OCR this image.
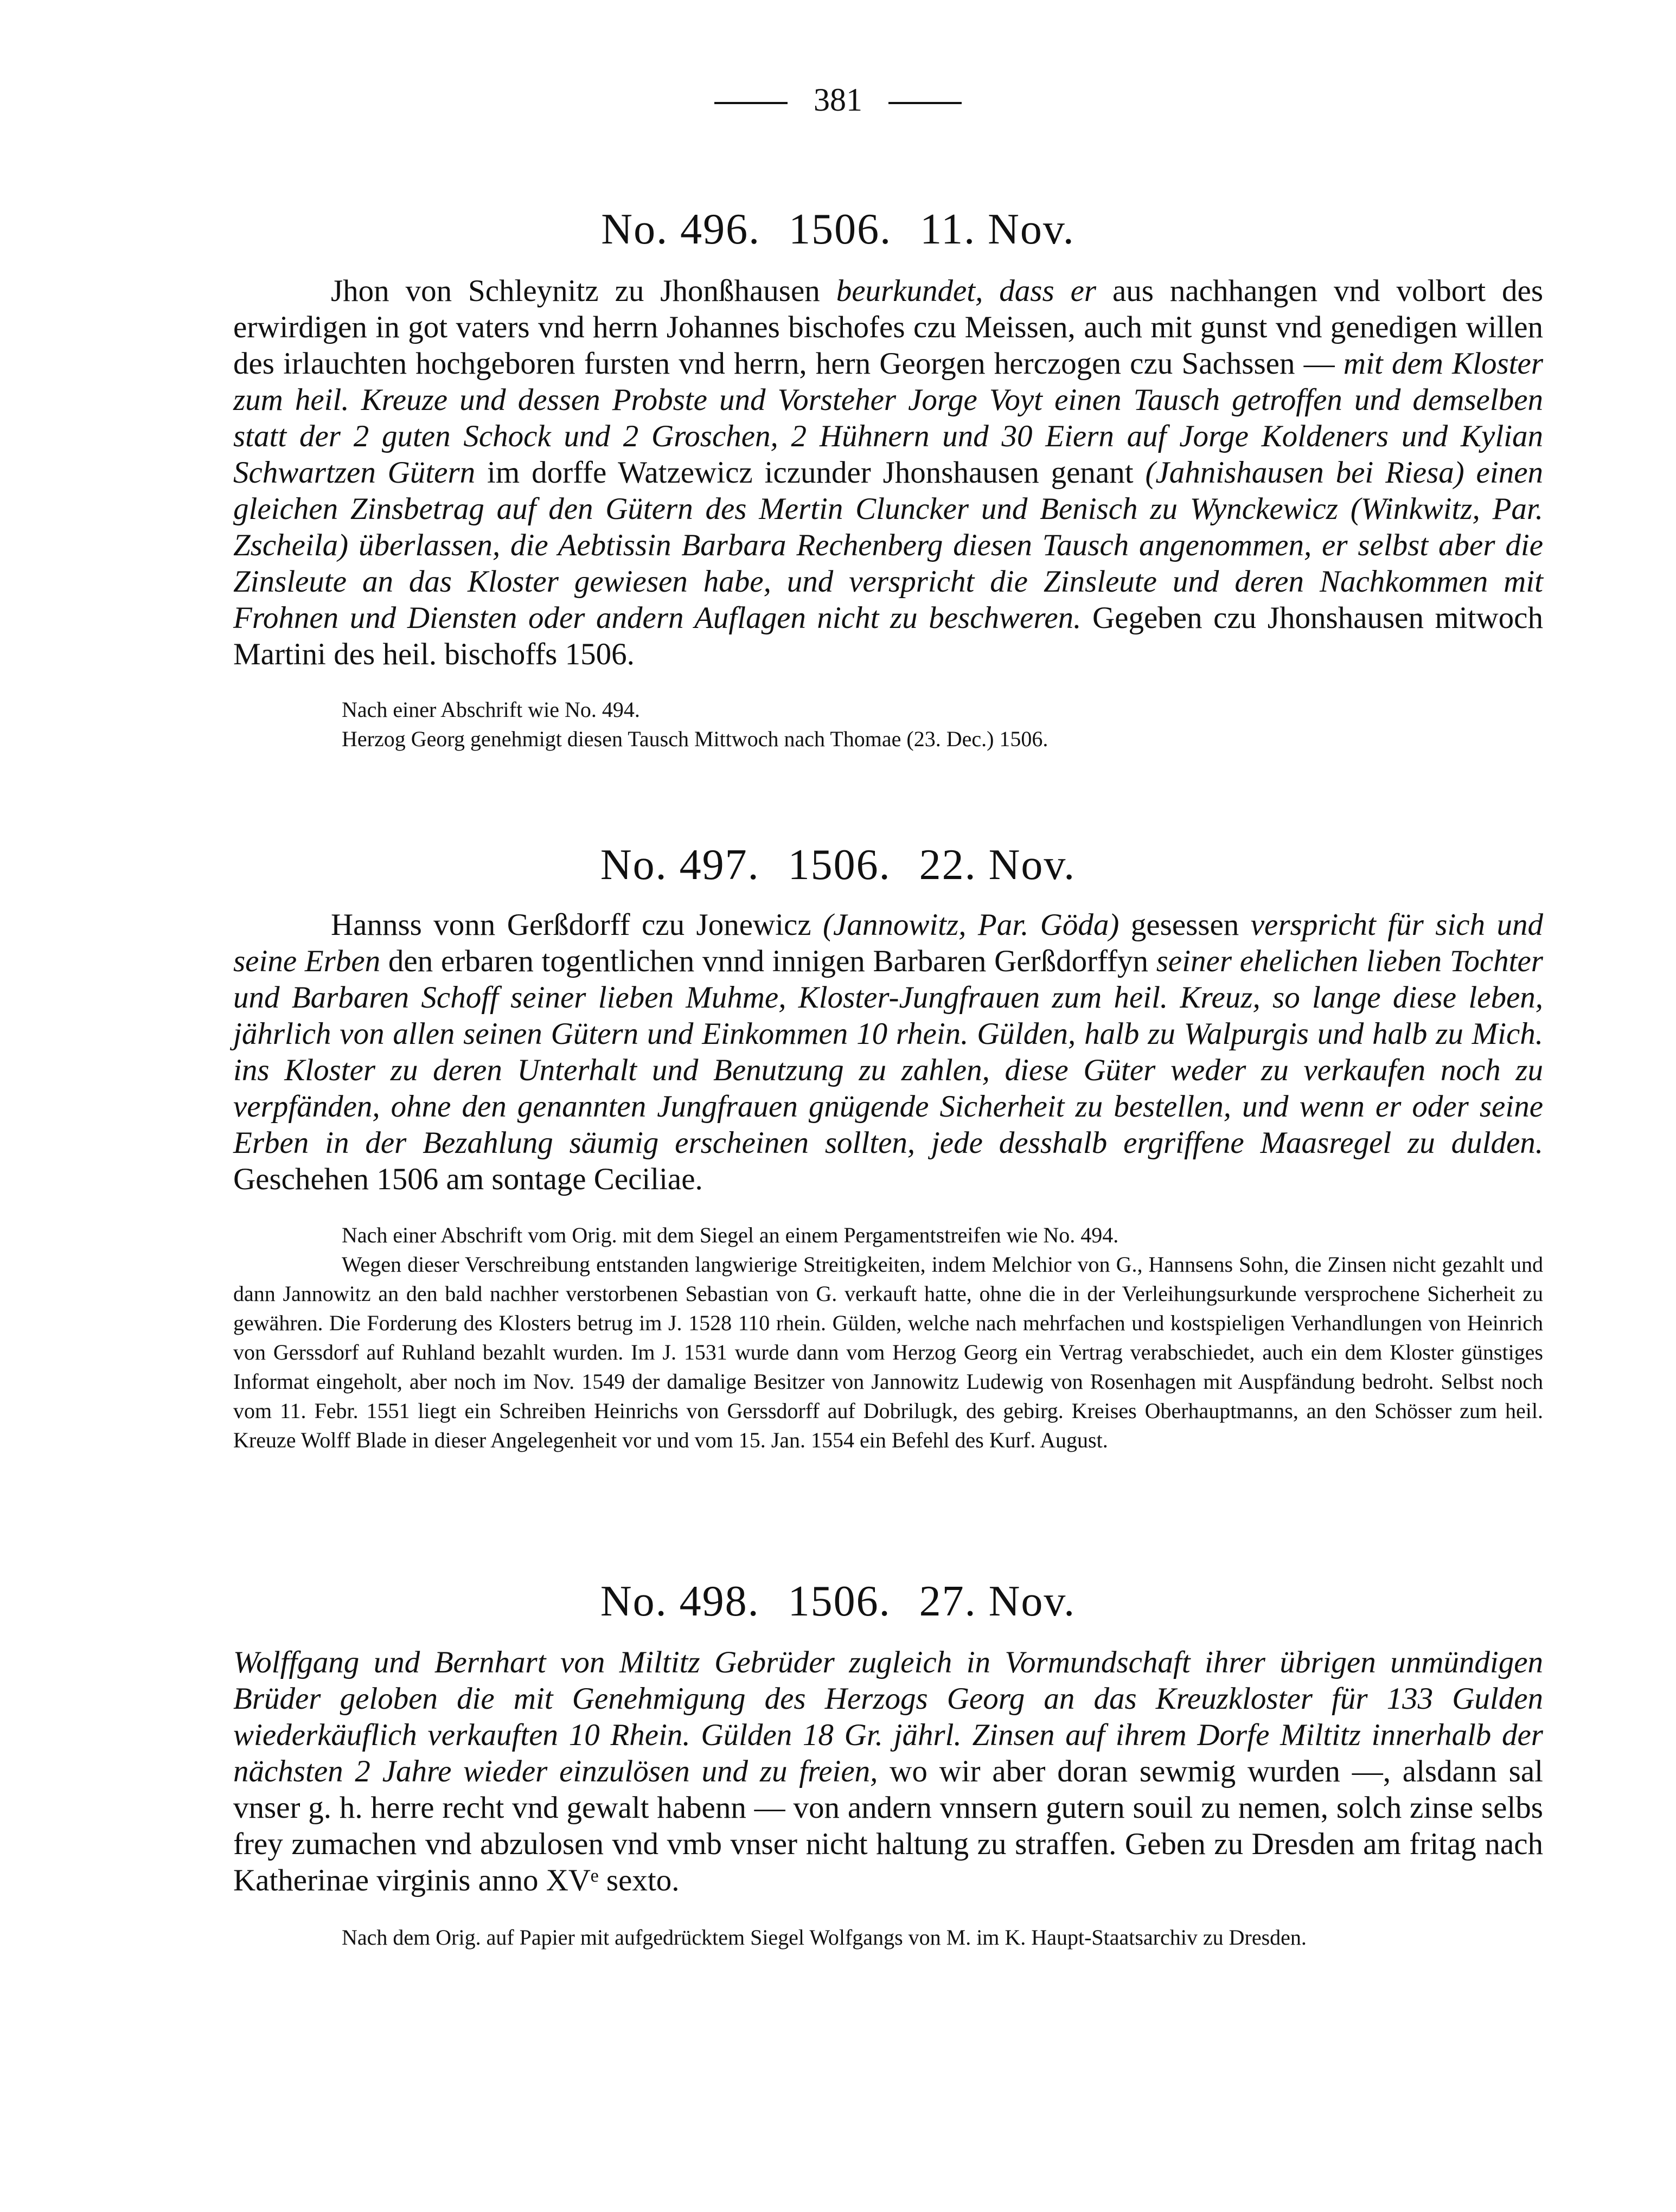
381
No. 496. 1506. 11. Nov.

Jhon von Schleynitz zu Jhonßhausen beurkundet, dass er aus nachhangen vnd volbort des erwirdigen in got vaters vnd herrn Johannes bischofes czu Meissen, auch mit gunst vnd genedigen willen des irlauchten hochgeboren fursten vnd herrn, hern Georgen herczogen czu Sachssen — mit dem Kloster zum heil. Kreuze und dessen Probste und Vorsteher Jorge Voyt einen Tausch getroffen und demselben statt der 2 guten Schock und 2 Groschen, 2 Hühnern und 30 Eiern auf Jorge Koldeners und Kylian Schwartzen Gütern im dorffe Watzewicz iczunder Jhonshausen genant (Jahnishausen bei Riesa) einen gleichen Zinsbetrag auf den Gütern des Mertin Cluncker und Benisch zu Wynckewicz (Winkwitz, Par. Zscheila) überlassen, die Aebtissin Barbara Rechenberg diesen Tausch angenommen, er selbst aber die Zinsleute an das Kloster gewiesen habe, und verspricht die Zinsleute und deren Nachkommen mit Frohnen und Diensten oder andern Auflagen nicht zu beschweren. Gegeben czu Jhonshausen mitwoch Martini des heil. bischoffs 1506.

Nach einer Abschrift wie No. 494.

Herzog Georg genehmigt diesen Tausch Mittwoch nach Thomae (23. Dec.) 1506.

No. 497. 1506. 22. Nov.

Hannss vonn Gerßdorff czu Jonewicz (Jannowitz, Par. Göda) gesessen verspricht für sich und seine Erben den erbaren togentlichen vnnd innigen Barbaren Gerßdorffyn seiner ehelichen lieben Tochter und Barbaren Schoff seiner lieben Muhme, Kloster-Jungfrauen zum heil. Kreuz, so lange diese leben, jährlich von allen seinen Gütern und Einkommen 10 rhein. Gülden, halb zu Walpurgis und halb zu Mich. ins Kloster zu deren Unterhalt und Benutzung zu zahlen, diese Güter weder zu verkaufen noch zu verpfänden, ohne den genannten Jungfrauen gnügende Sicherheit zu bestellen, und wenn er oder seine Erben in der Bezahlung säumig erscheinen sollten, jede desshalb ergriffene Maasregel zu dulden. Geschehen 1506 am sontage Ceciliae.

Nach einer Abschrift vom Orig. mit dem Siegel an einem Pergamentstreifen wie No. 494.

Wegen dieser Verschreibung entstanden langwierige Streitigkeiten, indem Melchior von G., Hannsens Sohn, die Zinsen nicht gezahlt und dann Jannowitz an den bald nachher verstorbenen Sebastian von G. verkauft hatte, ohne die in der Verleihungsurkunde versprochene Sicherheit zu gewähren. Die Forderung des Klosters betrug im J. 1528 110 rhein. Gülden, welche nach mehrfachen und kostspieligen Verhandlungen von Heinrich von Gerssdorf auf Ruhland bezahlt wurden. Im J. 1531 wurde dann vom Herzog Georg ein Vertrag verabschiedet, auch ein dem Kloster günstiges Informat eingeholt, aber noch im Nov. 1549 der damalige Besitzer von Jannowitz Ludewig von Rosenhagen mit Auspfändung bedroht. Selbst noch vom 11. Febr. 1551 liegt ein Schreiben Heinrichs von Gerssdorff auf Dobrilugk, des gebirg. Kreises Oberhauptmanns, an den Schösser zum heil. Kreuze Wolff Blade in dieser Angelegenheit vor und vom 15. Jan. 1554 ein Befehl des Kurf. August.

No. 498. 1506. 27. Nov.

Wolffgang und Bernhart von Miltitz Gebrüder zugleich in Vormundschaft ihrer übrigen unmündigen Brüder geloben die mit Genehmigung des Herzogs Georg an das Kreuzkloster für 133 Gulden wiederkäuflich verkauften 10 Rhein. Gülden 18 Gr. jährl. Zinsen auf ihrem Dorfe Miltitz innerhalb der nächsten 2 Jahre wieder einzulösen und zu freien, wo wir aber doran sewmig wurden —, alsdann sal vnser g. h. herre recht vnd gewalt habenn — von andern vnnsern gutern souil zu nemen, solch zinse selbs frey zumachen vnd abzulosen vnd vmb vnser nicht haltung zu straffen. Geben zu Dresden am fritag nach Katherinae virginis anno XVᵉ sexto.

Nach dem Orig. auf Papier mit aufgedrücktem Siegel Wolfgangs von M. im K. Haupt-Staatsarchiv zu Dresden.
